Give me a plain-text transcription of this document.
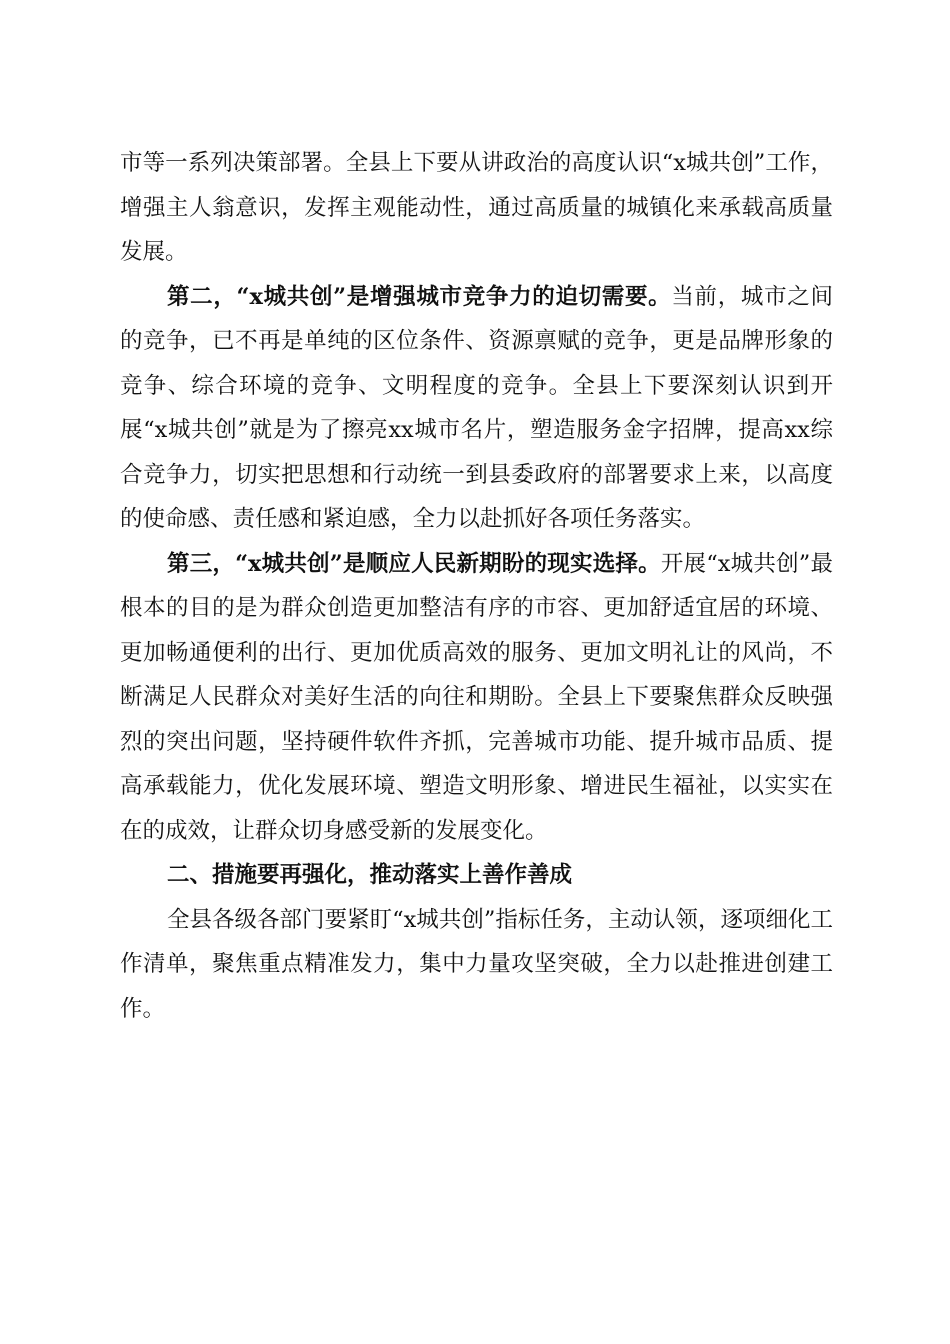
市等一系列决策部署。全县上下要从讲政治的高度认识“x城共创”工作，增强主人翁意识，发挥主观能动性，通过高质量的城镇化来承载高质量发展。

第二，“x城共创”是增强城市竞争力的迫切需要。当前，城市之间的竞争，已不再是单纯的区位条件、资源禀赋的竞争，更是品牌形象的竞争、综合环境的竞争、文明程度的竞争。全县上下要深刻认识到开展“x城共创”就是为了擦亮xx城市名片，塑造服务金字招牌，提高xx综合竞争力，切实把思想和行动统一到县委政府的部署要求上来，以高度的使命感、责任感和紧迫感，全力以赴抓好各项任务落实。

第三，“x城共创”是顺应人民新期盼的现实选择。开展“x城共创”最根本的目的是为群众创造更加整洁有序的市容、更加舒适宜居的环境、更加畅通便利的出行、更加优质高效的服务、更加文明礼让的风尚，不断满足人民群众对美好生活的向往和期盼。全县上下要聚焦群众反映强烈的突出问题，坚持硬件软件齐抓，完善城市功能、提升城市品质、提高承载能力，优化发展环境、塑造文明形象、增进民生福祉，以实实在在的成效，让群众切身感受新的发展变化。

二、措施要再强化，推动落实上善作善成

全县各级各部门要紧盯“x城共创”指标任务，主动认领，逐项细化工作清单，聚焦重点精准发力，集中力量攻坚突破，全力以赴推进创建工作。
